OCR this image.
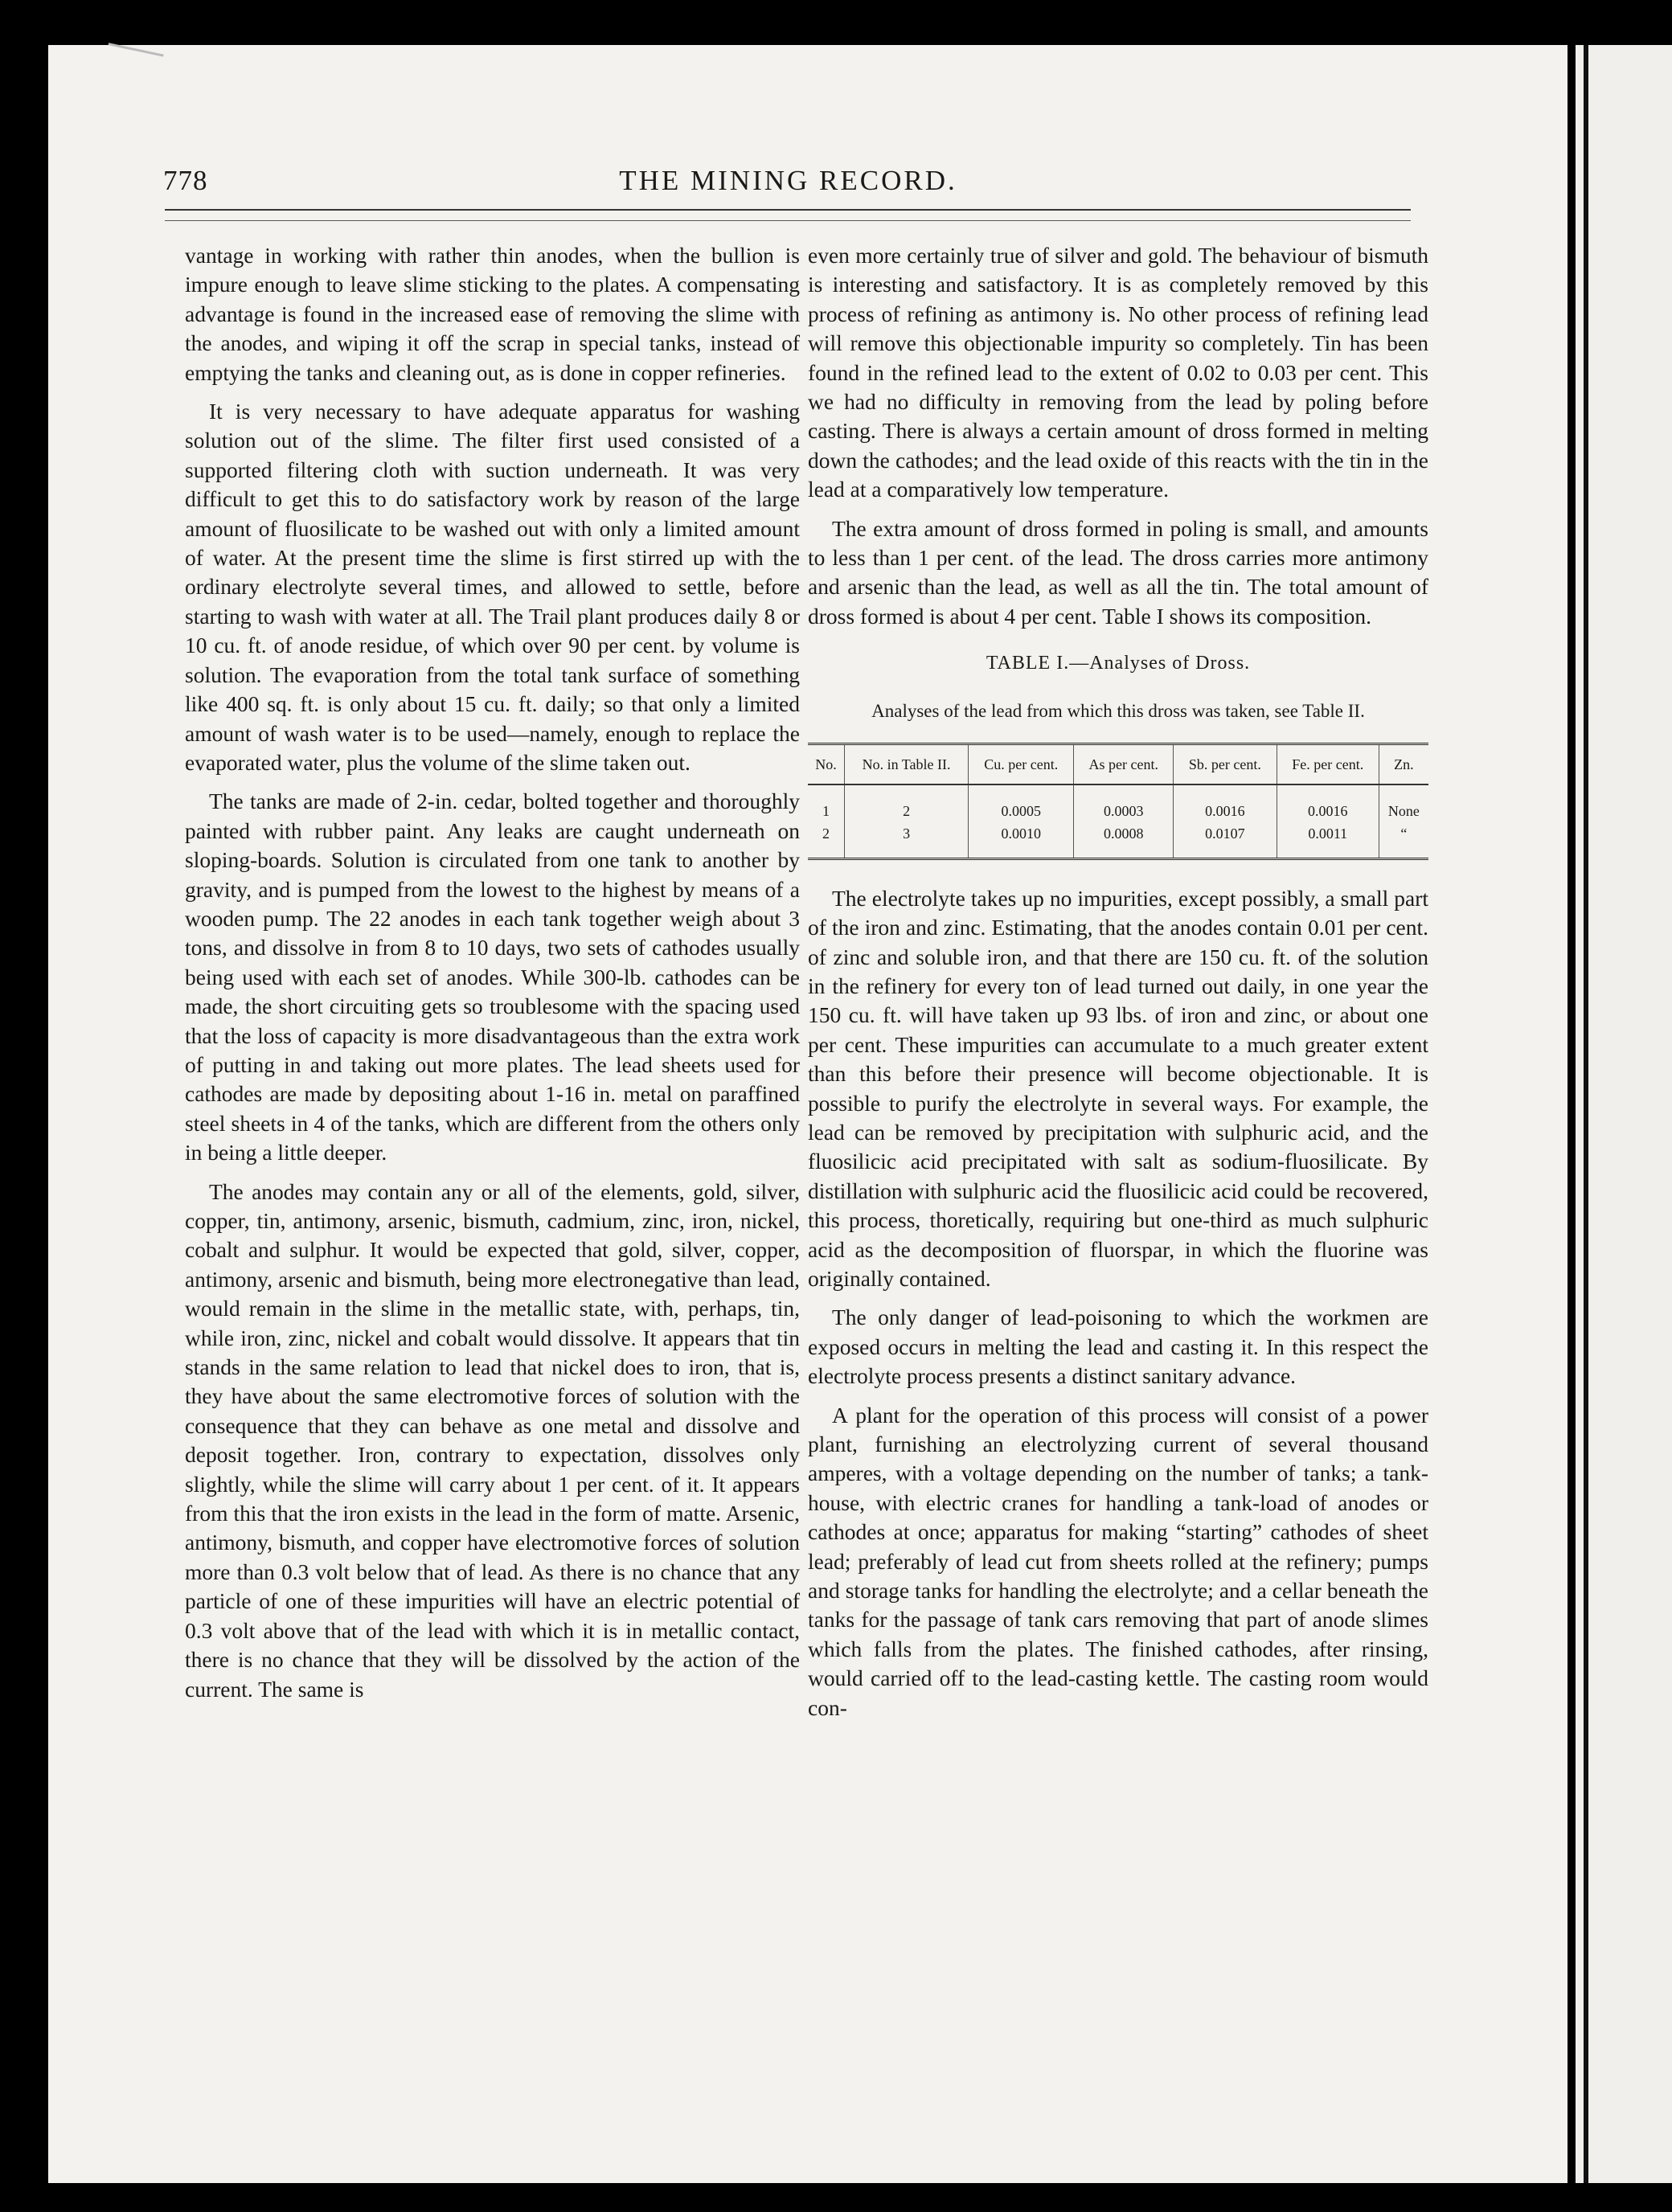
778	THE MINING RECORD.

vantage in working with rather thin anodes, when the bullion is impure enough to leave slime sticking to the plates. A compensating advantage is found in the increased ease of removing the slime with the anodes, and wiping it off the scrap in special tanks, instead of emptying the tanks and cleaning out, as is done in copper refineries.

It is very necessary to have adequate apparatus for washing solution out of the slime. The filter first used consisted of a supported filtering cloth with suction underneath. It was very difficult to get this to do satisfactory work by reason of the large amount of fluosilicate to be washed out with only a limited amount of water. At the present time the slime is first stirred up with the ordinary electrolyte several times, and allowed to settle, before starting to wash with water at all. The Trail plant produces daily 8 or 10 cu. ft. of anode residue, of which over 90 per cent. by volume is solution. The evaporation from the total tank surface of something like 400 sq. ft. is only about 15 cu. ft. daily; so that only a limited amount of wash water is to be used—namely, enough to replace the evaporated water, plus the volume of the slime taken out.

The tanks are made of 2-in. cedar, bolted together and thoroughly painted with rubber paint. Any leaks are caught underneath on sloping-boards. Solution is circulated from one tank to another by gravity, and is pumped from the lowest to the highest by means of a wooden pump. The 22 anodes in each tank together weigh about 3 tons, and dissolve in from 8 to 10 days, two sets of cathodes usually being used with each set of anodes. While 300-lb. cathodes can be made, the short circuiting gets so troublesome with the spacing used that the loss of capacity is more disadvantageous than the extra work of putting in and taking out more plates. The lead sheets used for cathodes are made by depositing about 1-16 in. metal on paraffined steel sheets in 4 of the tanks, which are different from the others only in being a little deeper.

The anodes may contain any or all of the elements, gold, silver, copper, tin, antimony, arsenic, bismuth, cadmium, zinc, iron, nickel, cobalt and sulphur. It would be expected that gold, silver, copper, antimony, arsenic and bismuth, being more electronegative than lead, would remain in the slime in the metallic state, with, perhaps, tin, while iron, zinc, nickel and cobalt would dissolve. It appears that tin stands in the same relation to lead that nickel does to iron, that is, they have about the same electromotive forces of solution with the consequence that they can behave as one metal and dissolve and deposit together. Iron, contrary to expectation, dissolves only slightly, while the slime will carry about 1 per cent. of it. It appears from this that the iron exists in the lead in the form of matte. Arsenic, antimony, bismuth, and copper have electromotive forces of solution more than 0.3 volt below that of lead. As there is no chance that any particle of one of these impurities will have an electric potential of 0.3 volt above that of the lead with which it is in metallic contact, there is no chance that they will be dissolved by the action of the current. The same is

even more certainly true of silver and gold. The behaviour of bismuth is interesting and satisfactory. It is as completely removed by this process of refining as antimony is. No other process of refining lead will remove this objectionable impurity so completely. Tin has been found in the refined lead to the extent of 0.02 to 0.03 per cent. This we had no difficulty in removing from the lead by poling before casting. There is always a certain amount of dross formed in melting down the cathodes; and the lead oxide of this reacts with the tin in the lead at a comparatively low temperature.

The extra amount of dross formed in poling is small, and amounts to less than 1 per cent. of the lead. The dross carries more antimony and arsenic than the lead, as well as all the tin. The total amount of dross formed is about 4 per cent. Table I shows its composition.

TABLE I.—Analyses of Dross.
Analyses of the lead from which this dross was taken, see Table II.
No.	No. in Table II.	Cu. per cent.	As per cent.	Sb. per cent.	Fe. per cent.	Zn.
1	2	0.0005	0.0003	0.0016	0.0016	None
2	3	0.0010	0.0008	0.0107	0.0011	“

The electrolyte takes up no impurities, except possibly, a small part of the iron and zinc. Estimating, that the anodes contain 0.01 per cent. of zinc and soluble iron, and that there are 150 cu. ft. of the solution in the refinery for every ton of lead turned out daily, in one year the 150 cu. ft. will have taken up 93 lbs. of iron and zinc, or about one per cent. These impurities can accumulate to a much greater extent than this before their presence will become objectionable. It is possible to purify the electrolyte in several ways. For example, the lead can be removed by precipitation with sulphuric acid, and the fluosilicic acid precipitated with salt as sodium-fluosilicate. By distillation with sulphuric acid the fluosilicic acid could be recovered, this process, thoretically, requiring but one-third as much sulphuric acid as the decomposition of fluorspar, in which the fluorine was originally contained.

The only danger of lead-poisoning to which the workmen are exposed occurs in melting the lead and casting it. In this respect the electrolyte process presents a distinct sanitary advance.

A plant for the operation of this process will consist of a power plant, furnishing an electrolyzing current of several thousand amperes, with a voltage depending on the number of tanks; a tank-house, with electric cranes for handling a tank-load of anodes or cathodes at once; apparatus for making “starting” cathodes of sheet lead; preferably of lead cut from sheets rolled at the refinery; pumps and storage tanks for handling the electrolyte; and a cellar beneath the tanks for the passage of tank cars removing that part of anode slimes which falls from the plates. The finished cathodes, after rinsing, would carried off to the lead-casting kettle. The casting room would con-
